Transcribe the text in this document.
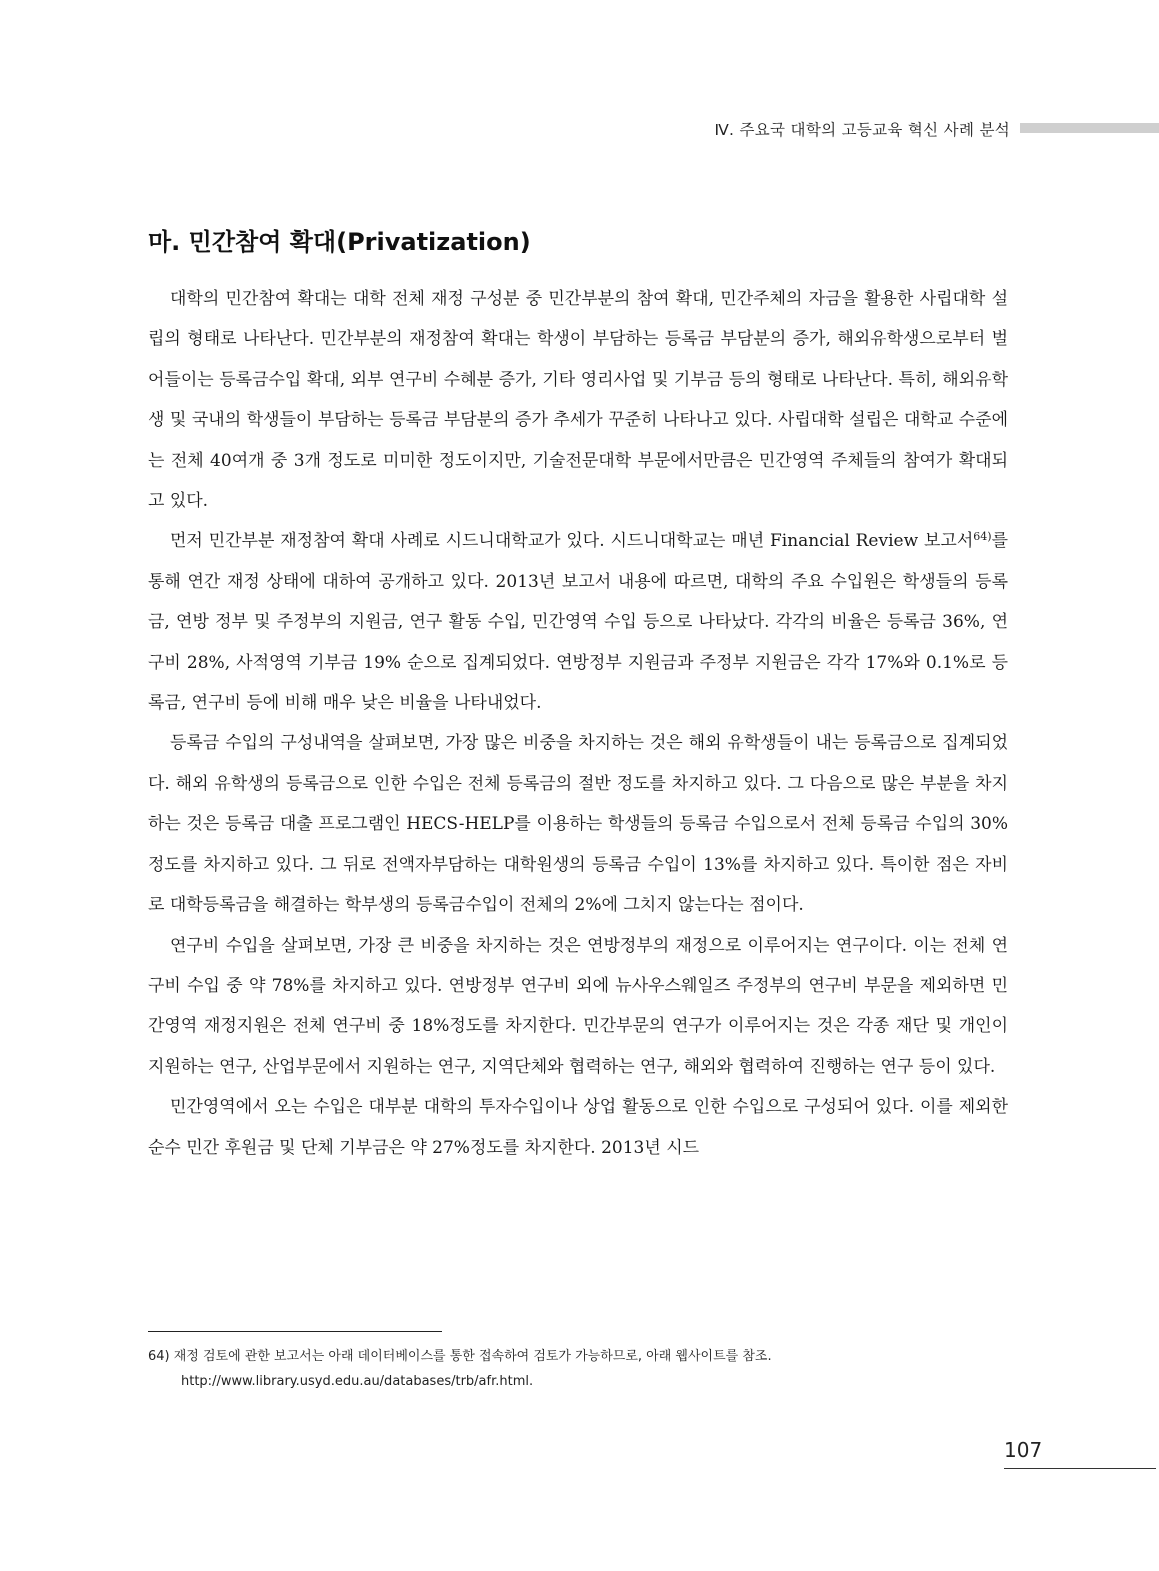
Ⅳ. 주요국 대학의 고등교육 혁신 사례 분석
마. 민간참여 확대(Privatization)

대학의 민간참여 확대는 대학 전체 재정 구성분 중 민간부분의 참여 확대, 민간주체의 자금을 활용한 사립대학 설립의 형태로 나타난다. 민간부분의 재정참여 확대는 학생이 부담하는 등록금 부담분의 증가, 해외유학생으로부터 벌어들이는 등록금수입 확대, 외부 연구비 수혜분 증가, 기타 영리사업 및 기부금 등의 형태로 나타난다. 특히, 해외유학생 및 국내의 학생들이 부담하는 등록금 부담분의 증가 추세가 꾸준히 나타나고 있다. 사립대학 설립은 대학교 수준에는 전체 40여개 중 3개 정도로 미미한 정도이지만, 기술전문대학 부문에서만큼은 민간영역 주체들의 참여가 확대되고 있다.

먼저 민간부분 재정참여 확대 사례로 시드니대학교가 있다. 시드니대학교는 매년 Financial Review 보고서$^{64)}$를 통해 연간 재정 상태에 대하여 공개하고 있다. 2013년 보고서 내용에 따르면, 대학의 주요 수입원은 학생들의 등록금, 연방 정부 및 주정부의 지원금, 연구 활동 수입, 민간영역 수입 등으로 나타났다. 각각의 비율은 등록금 36%, 연구비 28%, 사적영역 기부금 19% 순으로 집계되었다. 연방정부 지원금과 주정부 지원금은 각각 17%와 0.1%로 등록금, 연구비 등에 비해 매우 낮은 비율을 나타내었다.

등록금 수입의 구성내역을 살펴보면, 가장 많은 비중을 차지하는 것은 해외 유학생들이 내는 등록금으로 집계되었다. 해외 유학생의 등록금으로 인한 수입은 전체 등록금의 절반 정도를 차지하고 있다. 그 다음으로 많은 부분을 차지하는 것은 등록금 대출 프로그램인 HECS-HELP를 이용하는 학생들의 등록금 수입으로서 전체 등록금 수입의 30%정도를 차지하고 있다. 그 뒤로 전액자부담하는 대학원생의 등록금 수입이 13%를 차지하고 있다. 특이한 점은 자비로 대학등록금을 해결하는 학부생의 등록금수입이 전체의 2%에 그치지 않는다는 점이다.

연구비 수입을 살펴보면, 가장 큰 비중을 차지하는 것은 연방정부의 재정으로 이루어지는 연구이다. 이는 전체 연구비 수입 중 약 78%를 차지하고 있다. 연방정부 연구비 외에 뉴사우스웨일즈 주정부의 연구비 부문을 제외하면 민간영역 재정지원은 전체 연구비 중 18%정도를 차지한다. 민간부문의 연구가 이루어지는 것은 각종 재단 및 개인이 지원하는 연구, 산업부문에서 지원하는 연구, 지역단체와 협력하는 연구, 해외와 협력하여 진행하는 연구 등이 있다.

민간영역에서 오는 수입은 대부분 대학의 투자수입이나 상업 활동으로 인한 수입으로 구성되어 있다. 이를 제외한 순수 민간 후원금 및 단체 기부금은 약 27%정도를 차지한다. 2013년 시드

64) 재정 검토에 관한 보고서는 아래 데이터베이스를 통한 접속하여 검토가 가능하므로, 아래 웹사이트를 참조.
http://www.library.usyd.edu.au/databases/trb/afr.html.
107
